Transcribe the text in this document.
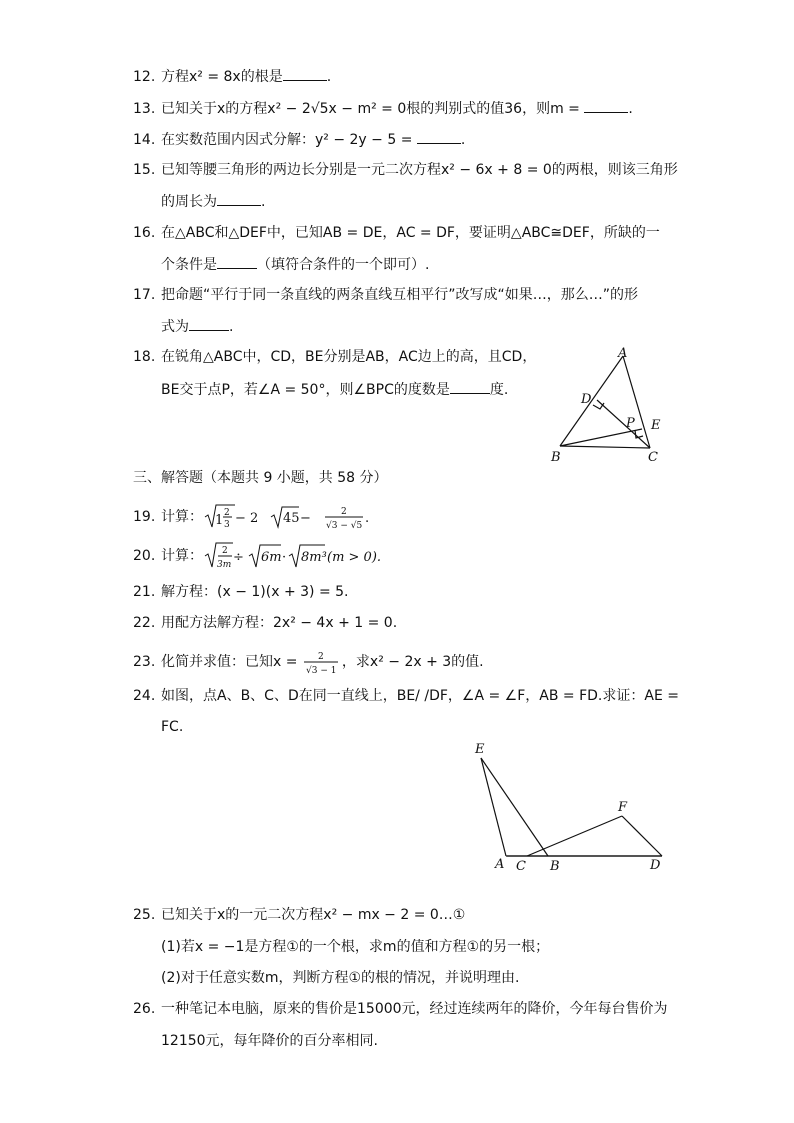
12. 方程x² = 8x的根是	.
13. 已知关于x的方程x² − 2√5x − m² = 0根的判别式的值36，则m =	.
14. 在实数范围内因式分解：y² − 2y − 5 =	.
15. 已知等腰三角形的两边长分别是一元二次方程x² − 6x + 8 = 0的两根，则该三角形
的周长为	.
16. 在△ABC和△DEF中，已知AB = DE，AC = DF，要证明△ABC≅DEF，所缺的一
个条件是	（填符合条件的一个即可）.
17. 把命题“平行于同一条直线的两条直线互相平行”改写成“如果…，那么…”的形
式为	.
18. 在锐角△ABC中，CD，BE分别是AB，AC边上的高，且CD，
BE交于点P，若∠A = 50°，则∠BPC的度数是	度.
A
B	C
D
E
P
三、解答题（本题共 9 小题，共 58 分）
19. 计算： 1 2
3 − 2 45 −	2
√3 − √5 .
20. 计算： 2
3m ÷ 6m · 8m³ (m > 0).
21. 解方程：(x − 1)(x + 3) = 5.
22. 用配方法解方程：2x² − 4x + 1 = 0.
23. 化简并求值：已知x = 2
√3 − 1
，求x² − 2x + 3的值.
24. 如图，点A、B、C、D在同一直线上，BE/ /DF，∠A = ∠F，AB = FD.求证：AE =
FC.
E
A C B	D
F
25. 已知关于x的一元二次方程x² − mx − 2 = 0…①
(1)若x = −1是方程①的一个根，求m的值和方程①的另一根；
(2)对于任意实数m，判断方程①的根的情况，并说明理由.
26. 一种笔记本电脑，原来的售价是15000元，经过连续两年的降价，今年每台售价为
12150元，每年降价的百分率相同.
